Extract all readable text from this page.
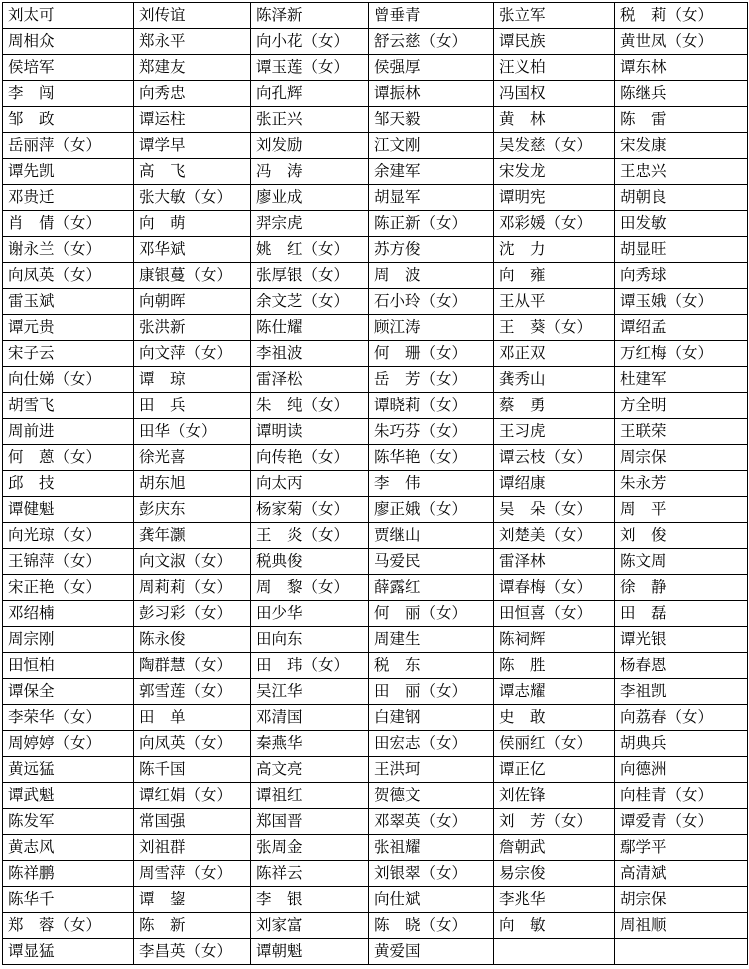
刘太可	刘传谊	陈泽新	曾垂青	张立军	税　莉（女）
周相众	郑永平	向小花（女）	舒云慈（女）	谭民族	黄世凤（女）
侯培军	郑建友	谭玉莲（女）	侯强厚	汪义柏	谭东林
李　闯	向秀忠	向孔辉	谭振林	冯国权	陈继兵
邹　政	谭运柱	张正兴	邹天毅	黄　林	陈　雷
岳丽萍（女）	谭学早	刘发励	江文刚	吴发慈（女）	宋发康
谭先凯	高　飞	冯　涛	余建军	宋发龙	王忠兴
邓贵迁	张大敏（女）	廖业成	胡显军	谭明宪	胡朝良
肖　倩（女）	向　萌	羿宗虎	陈正新（女）	邓彩媛（女）	田发敏
谢永兰（女）	邓华斌	姚　红（女）	苏方俊	沈　力	胡显旺
向凤英（女）	康银蔓（女）	张厚银（女）	周　波	向　雍	向秀球
雷玉斌	向朝晖	余文芝（女）	石小玲（女）	王从平	谭玉娥（女）
谭元贵	张洪新	陈仕耀	顾江涛	王　葵（女）	谭绍孟
宋子云	向文萍（女）	李祖波	何　珊（女）	邓正双	万红梅（女）
向仕娣（女）	谭　琼	雷泽松	岳　芳（女）	龚秀山	杜建军
胡雪飞	田　兵	朱　纯（女）	谭晓莉（女）	蔡　勇	方全明
周前进	田华（女）	谭明读	朱巧芬（女）	王习虎	王联荣
何　蒽（女）	徐光喜	向传艳（女）	陈华艳（女）	谭云枝（女）	周宗保
邱　技	胡东旭	向太丙	李　伟	谭绍康	朱永芳
谭健魁	彭庆东	杨家菊（女）	廖正娥（女）	吴　朵（女）	周　平
向光琼（女）	龚年灏	王　炎（女）	贾继山	刘楚美（女）	刘　俊
王锦萍（女）	向文淑（女）	税典俊	马爱民	雷泽林	陈文周
宋正艳（女）	周莉莉（女）	周　黎（女）	薛露红	谭春梅（女）	徐　静
邓绍楠	彭习彩（女）	田少华	何　丽（女）	田恒喜（女）	田　磊
周宗刚	陈永俊	田向东	周建生	陈祠辉	谭光银
田恒柏	陶群慧（女）	田　玮（女）	税　东	陈　胜	杨春恩
谭保全	郭雪莲（女）	吴江华	田　丽（女）	谭志耀	李祖凯
李荣华（女）	田　单	邓清国	白建钢	史　敢	向荔春（女）
周婷婷（女）	向凤英（女）	秦燕华	田宏志（女）	侯丽红（女）	胡典兵
黄远猛	陈千国	高文亮	王洪珂	谭正亿	向德洲
谭武魁	谭红娟（女）	谭祖红	贺德文	刘佐锋	向桂青（女）
陈发军	常国强	郑国晋	邓翠英（女）	刘　芳（女）	谭爱青（女）
黄志风	刘祖群	张周金	张祖耀	詹朝武	鄢学平
陈祥鹏	周雪萍（女）	陈祥云	刘银翠（女）	易宗俊	高清斌
陈华千	谭　鋆	李　银	向仕斌	李兆华	胡宗保
郑　蓉（女）	陈　新	刘家富	陈　晓（女）	向　敏	周祖顺
谭显猛	李昌英（女）	谭朝魁	黄爱国		
